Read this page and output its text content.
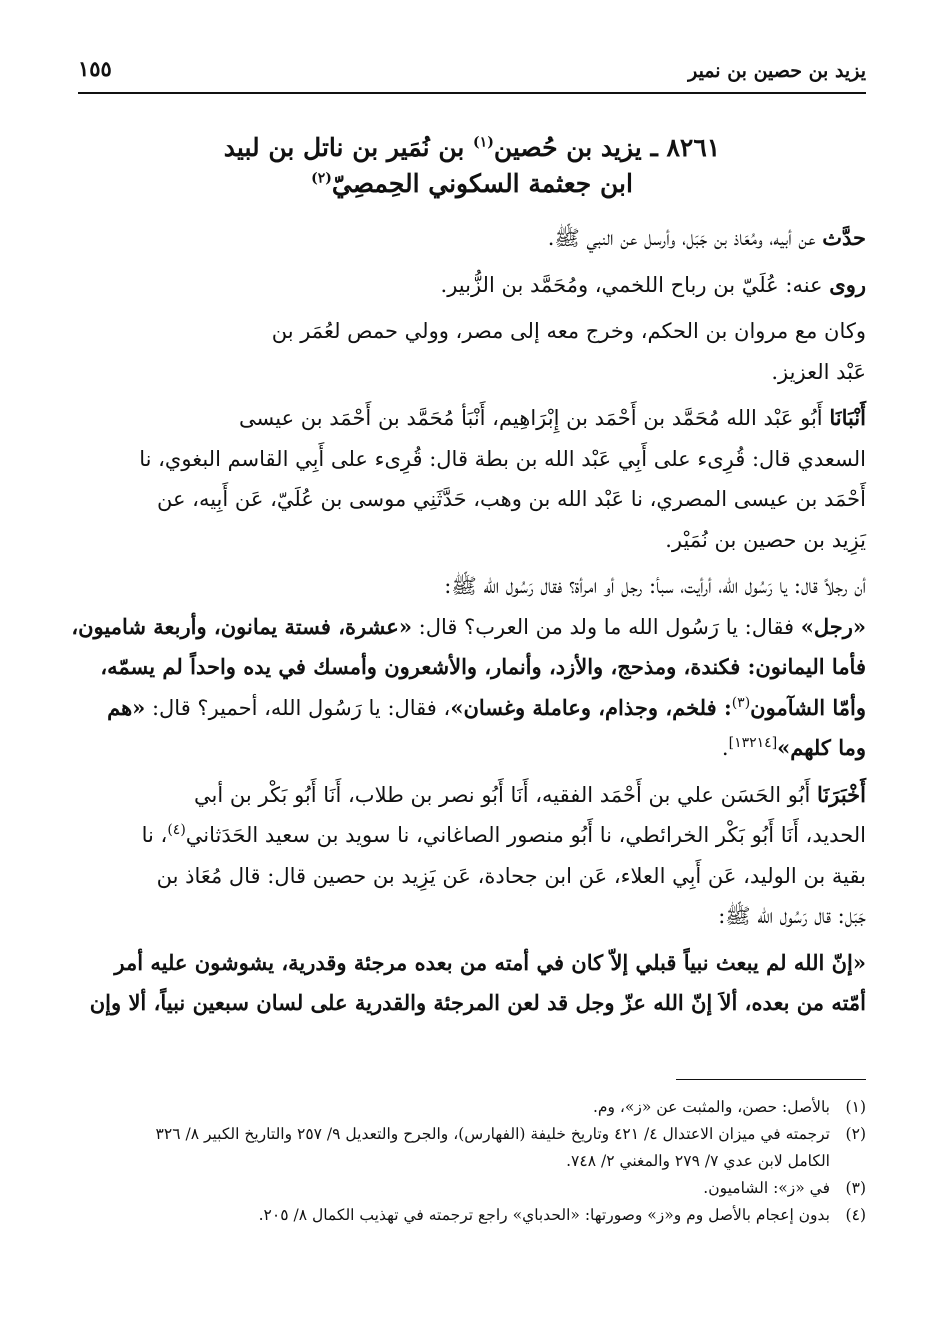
يزيد بن حصين بن نمير
١٥٥
٨٢٦١ ـ يزيد بن حُصين$^{(١)}$ بن نُمَير بن ناتل بن لبيد
ابن جعثمة السكوني الحِمصِيّ$^{(٢)}$

حدَّث عن أبيه، ومُعَاذ بن جَبَل، وأرسل عن النبي ﷺ.

روى عنه: عُلَيّ بن رباح اللخمي، ومُحَمَّد بن الزُّبير.

وكان مع مروان بن الحكم، وخرج معه إلى مصر، وولي حمص لعُمَر بن
عَبْد العزيز.

أَنْبَانَا أَبُو عَبْد الله مُحَمَّد بن أَحْمَد بن إِبْرَاهِيم، أَنْبَأ مُحَمَّد بن أَحْمَد بن عيسى
السعدي قال: قُرِىء على أَبِي عَبْد الله بن بطة قال: قُرِىء على أَبِي القاسم البغوي، نا
أَحْمَد بن عيسى المصري، نا عَبْد الله بن وهب، حَدَّثَنِي موسى بن عُلَيّ، عَن أَبِيه، عن
يَزِيد بن حصين بن نُمَيْر.

أن رجلاً قال: يا رَسُول الله، أرأيت، سبأ: رجل أو امرأة؟ فقال رَسُول الله ﷺ:
«رجل» فقال: يا رَسُول الله ما ولد من العرب؟ قال: «عشرة، فستة يمانون، وأربعة شاميون،
فأما اليمانون: فكندة، ومذحج، والأزد، وأنمار، والأشعرون وأمسك في يده واحداً لم يسمّه،
وأمّا الشآمون$^{(٣)}$: فلخم، وجذام، وعاملة وغسان»، فقال: يا رَسُول الله، أحمير؟ قال: «هم
وما كلهم»[١٣٢١٤].

أَخْبَرَنَا أَبُو الحَسَن علي بن أَحْمَد الفقيه، أَنَا أَبُو نصر بن طلاب، أَنَا أَبُو بَكْر بن أبي
الحديد، أَنَا أَبُو بَكْر الخرائطي، نا أَبُو منصور الصاغاني، نا سويد بن سعيد الحَدَثاني$^{(٤)}$، نا
بقية بن الوليد، عَن أَبِي العلاء، عَن ابن جحادة، عَن يَزِيد بن حصين قال: قال مُعَاذ بن
جَبَل: قال رَسُول الله ﷺ:

«إنّ الله لم يبعث نبياً قبلي إلاّ كان في أمته من بعده مرجئة وقدرية، يشوشون عليه أمر
أمّته من بعده، ألاَ إنّ الله عزّ وجل قد لعن المرجئة والقدرية على لسان سبعين نبياً، ألا وإن

(١)بالأصل: حصن، والمثبت عن «ز»، وم.
(٢)ترجمته في ميزان الاعتدال ٤/ ٤٢١ وتاريخ خليفة (الفهارس)، والجرح والتعديل ٩/ ٢٥٧ والتاريخ الكبير ٨/ ٣٢٦
الكامل لابن عدي ٧/ ٢٧٩ والمغني ٢/ ٧٤٨.
(٣)في «ز»: الشاميون.
(٤)بدون إعجام بالأصل وم و«ز» وصورتها: «الحدباي» راجع ترجمته في تهذيب الكمال ٨/ ٢٠٥.
